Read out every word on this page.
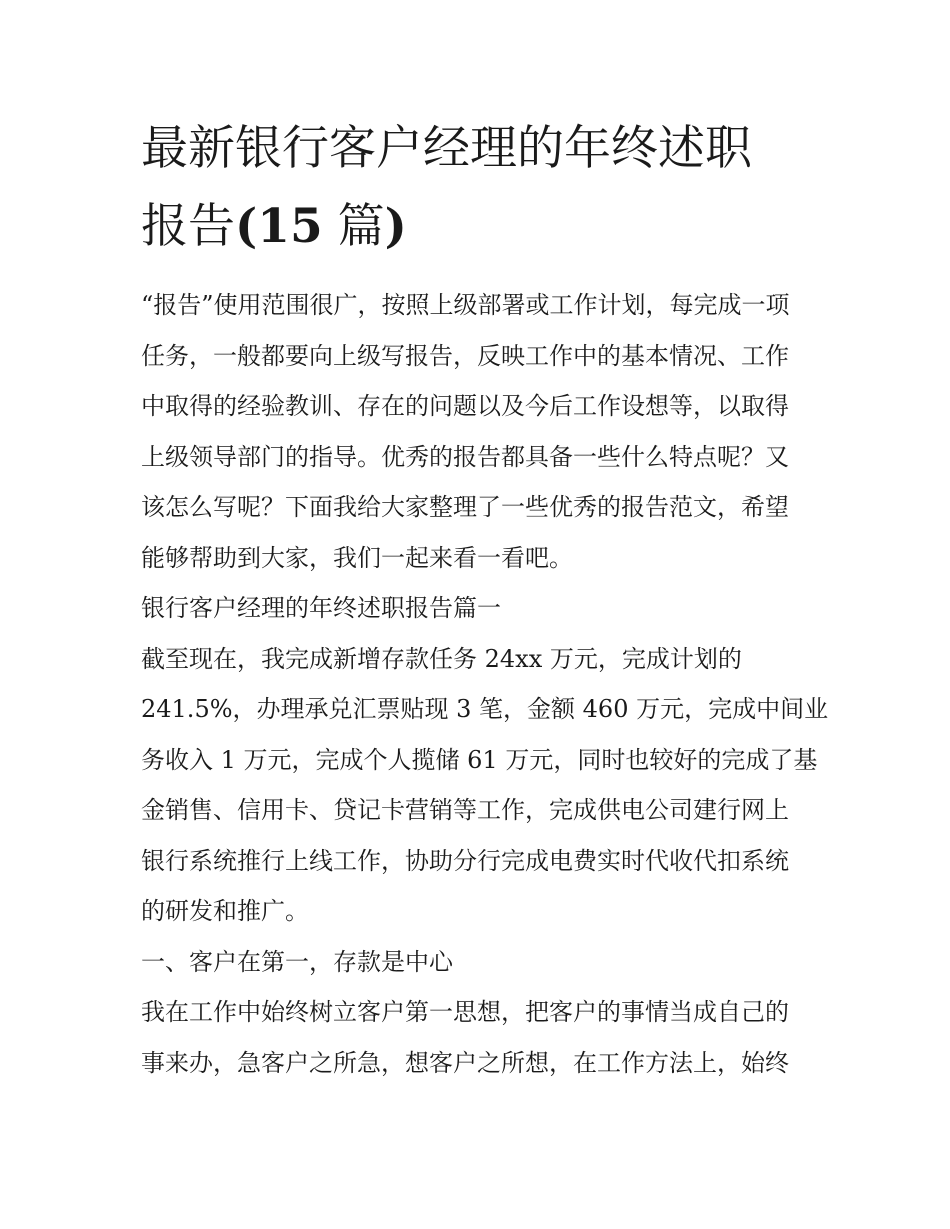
最新银行客户经理的年终述职
报告(15 篇)

“报告”使用范围很广，按照上级部署或工作计划，每完成一项

任务，一般都要向上级写报告，反映工作中的基本情况、工作

中取得的经验教训、存在的问题以及今后工作设想等，以取得

上级领导部门的指导。优秀的报告都具备一些什么特点呢？又

该怎么写呢？下面我给大家整理了一些优秀的报告范文，希望

能够帮助到大家，我们一起来看一看吧。

银行客户经理的年终述职报告篇一

截至现在，我完成新增存款任务 24xx 万元，完成计划的

241.5%，办理承兑汇票贴现 3 笔，金额 460 万元，完成中间业

务收入 1 万元，完成个人揽储 61 万元，同时也较好的完成了基

金销售、信用卡、贷记卡营销等工作，完成供电公司建行网上

银行系统推行上线工作，协助分行完成电费实时代收代扣系统

的研发和推广。

一、客户在第一，存款是中心

我在工作中始终树立客户第一思想，把客户的事情当成自己的

事来办，急客户之所急，想客户之所想，在工作方法上，始终
